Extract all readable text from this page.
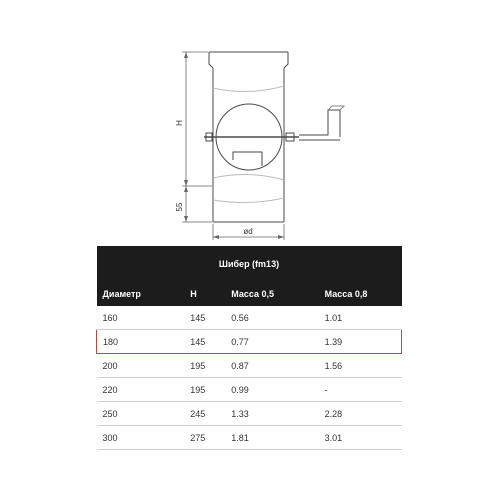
H
55
ød
Шибер (fm13)			
Диаметр	H	Масса 0,5	Масса 0,8
160	145	0.56	1.01
180	145	0.77	1.39
200	195	0.87	1.56
220	195	0.99	-
250	245	1.33	2.28
300	275	1.81	3.01
